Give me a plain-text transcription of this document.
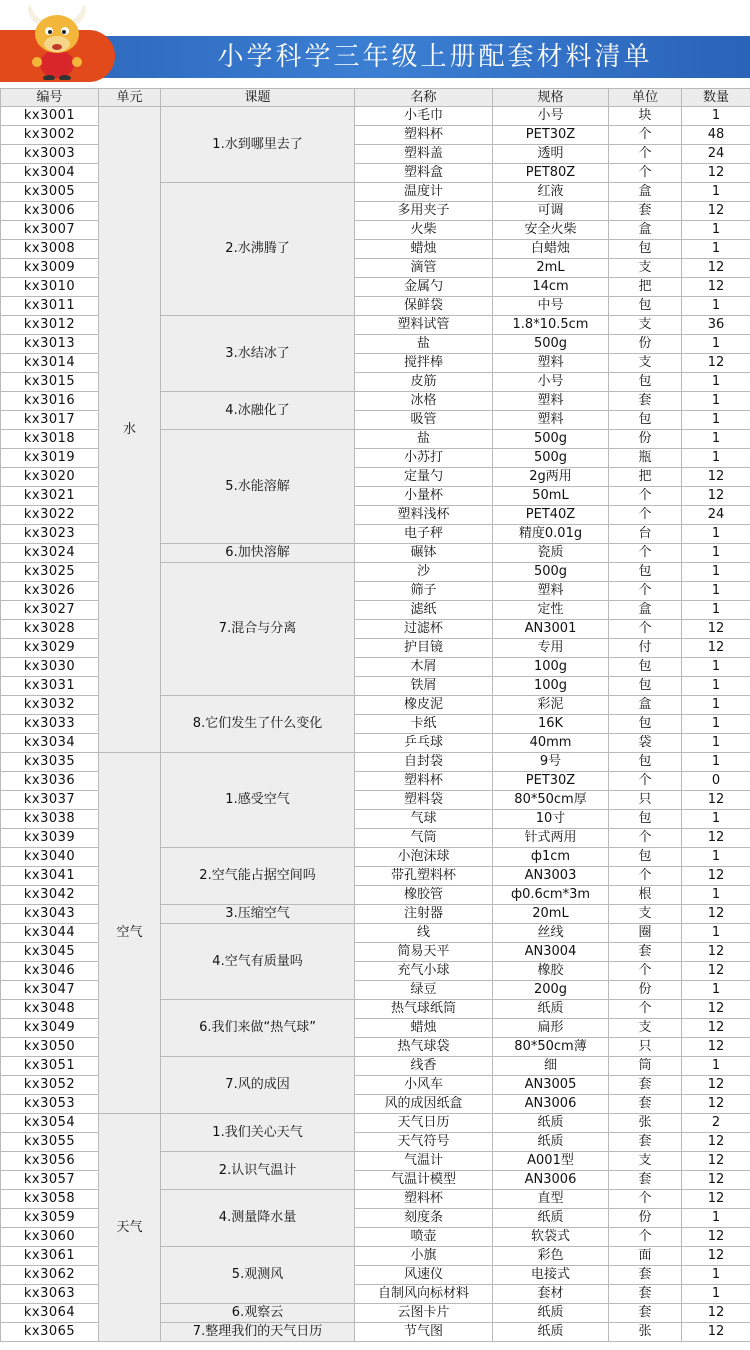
小学科学三年级上册配套材料清单
编号	单元	课题	名称	规格	单位	数量
kx3001	水	1.水到哪里去了	小毛巾	小号	块	1
kx3002			塑料杯	PET30Z	个	48
kx3003			塑料盖	透明	个	24
kx3004			塑料盒	PET80Z	个	12
kx3005		2.水沸腾了	温度计	红液	盒	1
kx3006			多用夹子	可调	套	12
kx3007			火柴	安全火柴	盒	1
kx3008			蜡烛	白蜡烛	包	1
kx3009			滴管	2mL	支	12
kx3010			金属勺	14cm	把	12
kx3011			保鲜袋	中号	包	1
kx3012		3.水结冰了	塑料试管	1.8*10.5cm	支	36
kx3013			盐	500g	份	1
kx3014			搅拌棒	塑料	支	12
kx3015			皮筋	小号	包	1
kx3016		4.冰融化了	冰格	塑料	套	1
kx3017			吸管	塑料	包	1
kx3018		5.水能溶解	盐	500g	份	1
kx3019			小苏打	500g	瓶	1
kx3020			定量勺	2g两用	把	12
kx3021			小量杯	50mL	个	12
kx3022			塑料浅杯	PET40Z	个	24
kx3023			电子秤	精度0.01g	台	1
kx3024		6.加快溶解	碾钵	瓷质	个	1
kx3025		7.混合与分离	沙	500g	包	1
kx3026			筛子	塑料	个	1
kx3027			滤纸	定性	盒	1
kx3028			过滤杯	AN3001	个	12
kx3029			护目镜	专用	付	12
kx3030			木屑	100g	包	1
kx3031			铁屑	100g	包	1
kx3032		8.它们发生了什么变化	橡皮泥	彩泥	盒	1
kx3033			卡纸	16K	包	1
kx3034			乒乓球	40mm	袋	1
kx3035	空气	1.感受空气	自封袋	9号	包	1
kx3036			塑料杯	PET30Z	个	0
kx3037			塑料袋	80*50cm厚	只	12
kx3038			气球	10寸	包	1
kx3039			气筒	针式两用	个	12
kx3040		2.空气能占据空间吗	小泡沫球	ф1cm	包	1
kx3041			带孔塑料杯	AN3003	个	12
kx3042			橡胶管	ф0.6cm*3m	根	1
kx3043		3.压缩空气	注射器	20mL	支	12
kx3044		4.空气有质量吗	线	丝线	圈	1
kx3045			简易天平	AN3004	套	12
kx3046			充气小球	橡胶	个	12
kx3047			绿豆	200g	份	1
kx3048		6.我们来做“热气球”	热气球纸筒	纸质	个	12
kx3049			蜡烛	扁形	支	12
kx3050			热气球袋	80*50cm薄	只	12
kx3051		7.风的成因	线香	细	筒	1
kx3052			小风车	AN3005	套	12
kx3053			风的成因纸盒	AN3006	套	12
kx3054	天气	1.我们关心天气	天气日历	纸质	张	2
kx3055			天气符号	纸质	套	12
kx3056		2.认识气温计	气温计	A001型	支	12
kx3057			气温计模型	AN3006	套	12
kx3058		4.测量降水量	塑料杯	直型	个	12
kx3059			刻度条	纸质	份	1
kx3060			喷壶	软袋式	个	12
kx3061		5.观测风	小旗	彩色	面	12
kx3062			风速仪	电接式	套	1
kx3063			自制风向标材料	套材	套	1
kx3064		6.观察云	云图卡片	纸质	套	12
kx3065		7.整理我们的天气日历	节气图	纸质	张	12
